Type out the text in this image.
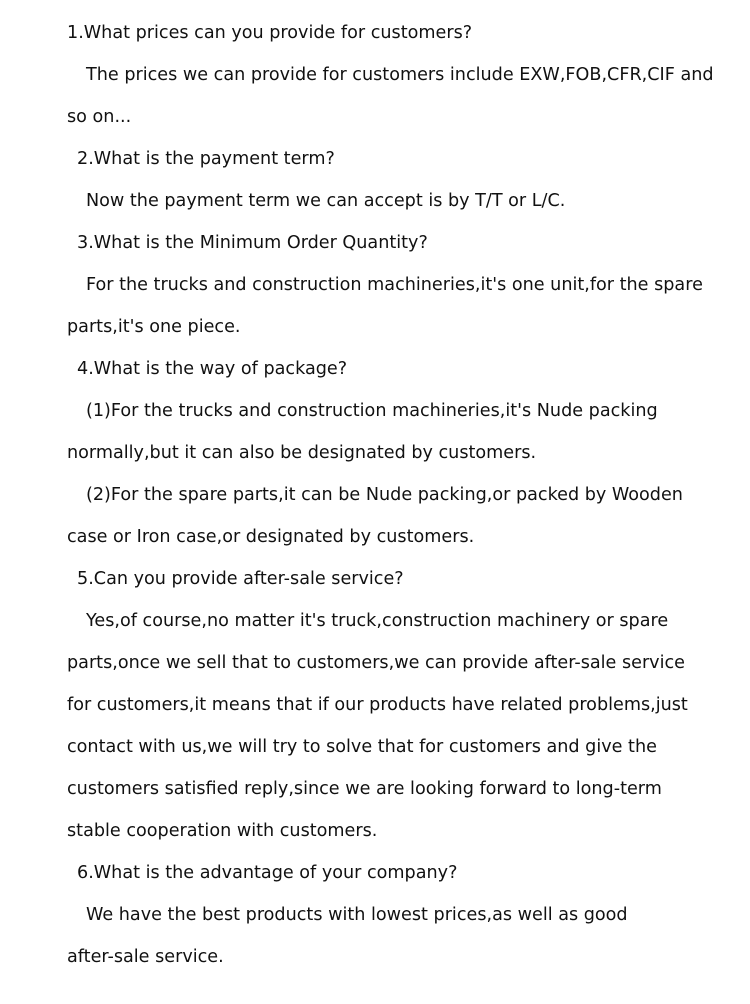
1.What prices can you provide for customers?
The prices we can provide for customers include EXW,FOB,CFR,CIF and
so on...
2.What is the payment term?
Now the payment term we can accept is by T/T or L/C.
3.What is the Minimum Order Quantity?
For the trucks and construction machineries,it's one unit,for the spare
parts,it's one piece.
4.What is the way of package?
(1)For the trucks and construction machineries,it's Nude packing
normally,but it can also be designated by customers.
(2)For the spare parts,it can be Nude packing,or packed by Wooden
case or Iron case,or designated by customers.
5.Can you provide after-sale service?
Yes,of course,no matter it's truck,construction machinery or spare
parts,once we sell that to customers,we can provide after-sale service
for customers,it means that if our products have related problems,just
contact with us,we will try to solve that for customers and give the
customers satisfied reply,since we are looking forward to long-term
stable cooperation with customers.
6.What is the advantage of your company?
We have the best products with lowest prices,as well as good
after-sale service.
